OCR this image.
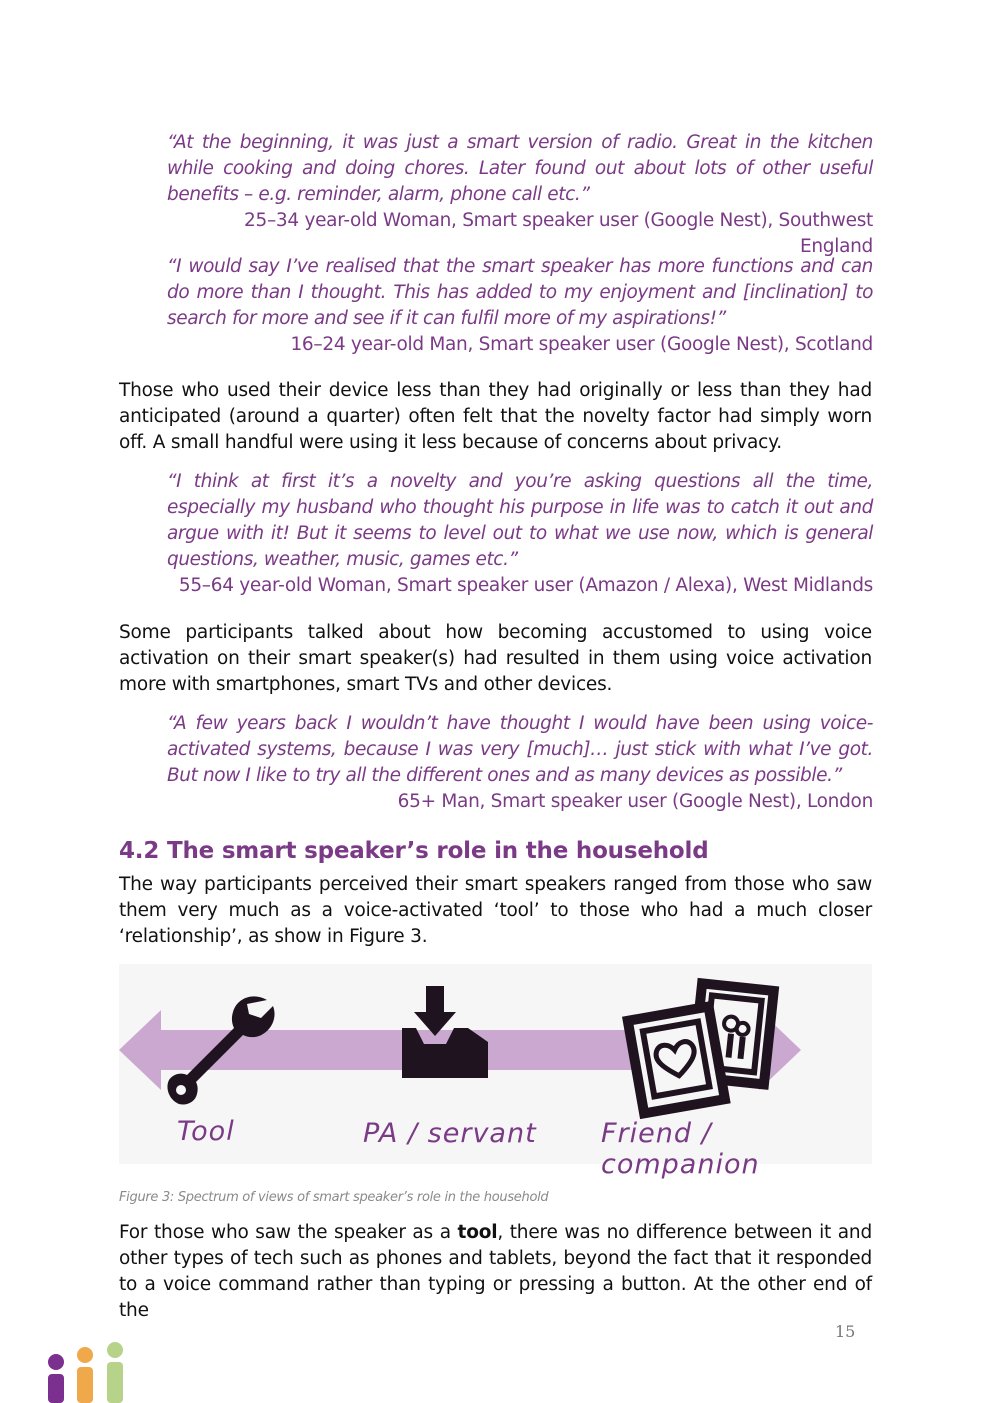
“At the beginning, it was just a smart version of radio. Great in the kitchen while cooking and doing chores. Later found out about lots of other useful benefits – e.g. reminder, alarm, phone call etc.”

25–34 year-old Woman, Smart speaker user (Google Nest), Southwest England

“I would say I’ve realised that the smart speaker has more functions and can do more than I thought. This has added to my enjoyment and [inclination] to search for more and see if it can fulfil more of my aspirations!”

16–24 year-old Man, Smart speaker user (Google Nest), Scotland

Those who used their device less than they had originally or less than they had anticipated (around a quarter) often felt that the novelty factor had simply worn off. A small handful were using it less because of concerns about privacy.

“I think at first it’s a novelty and you’re asking questions all the time, especially my husband who thought his purpose in life was to catch it out and argue with it! But it seems to level out to what we use now, which is general questions, weather, music, games etc.”

55–64 year-old Woman, Smart speaker user (Amazon / Alexa), West Midlands

Some participants talked about how becoming accustomed to using voice activation on their smart speaker(s) had resulted in them using voice activation more with smartphones, smart TVs and other devices.

“A few years back I wouldn’t have thought I would have been using voice-activated systems, because I was very [much]… just stick with what I’ve got. But now I like to try all the different ones and as many devices as possible.”

65+ Man, Smart speaker user (Google Nest), London

4.2 The smart speaker’s role in the household

The way participants perceived their smart speakers ranged from those who saw them very much as a voice-activated ‘tool’ to those who had a much closer ‘relationship’, as show in Figure 3.

Tool	PA / servant Friend / companion
Figure 3: Spectrum of views of smart speaker’s role in the household

For those who saw the speaker as a tool, there was no difference between it and other types of tech such as phones and tablets, beyond the fact that it responded to a voice command rather than typing or pressing a button. At the other end of the

15
